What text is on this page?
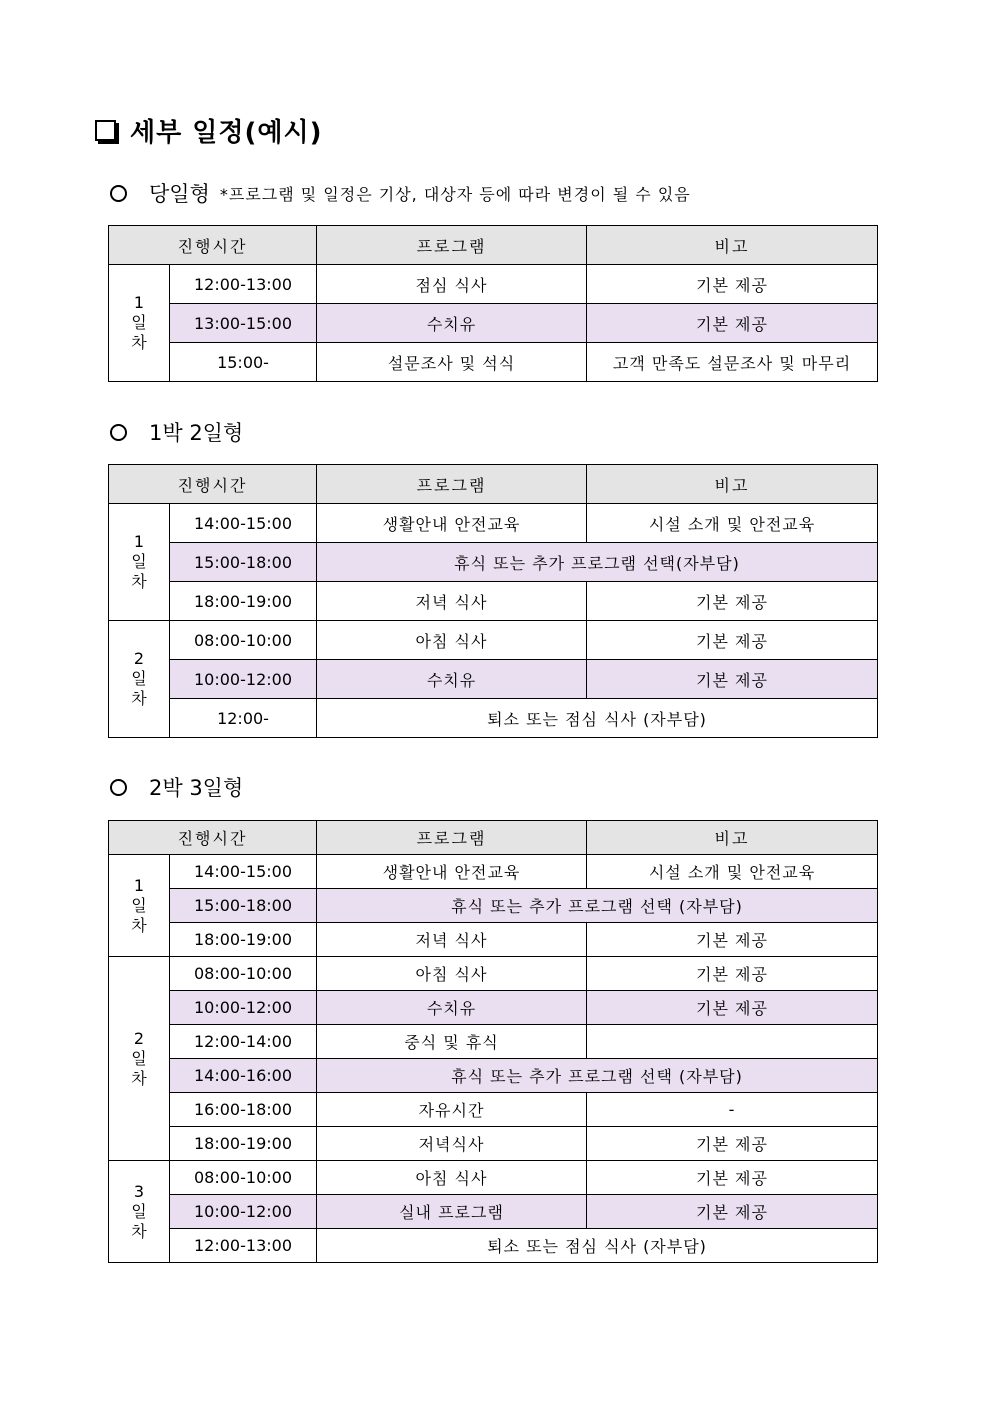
세부 일정(예시)
당일형 *프로그램 및 일정은 기상, 대상자 등에 따라 변경이 될 수 있음
진행시간		프로그램	비고

1
일
차	12:00-13:00	점심 식사	기본 제공
	13:00-15:00	수치유	기본 제공
	15:00-	설문조사 및 석식	고객 만족도 설문조사 및 마무리
1박 2일형
진행시간		프로그램	비고

1
일
차	14:00-15:00	생활안내 안전교육	시설 소개 및 안전교육
	15:00-18:00	휴식 또는 추가 프로그램 선택(자부담)	
	18:00-19:00	저녁 식사	기본 제공

2
일
차	08:00-10:00	아침 식사	기본 제공
	10:00-12:00	수치유	기본 제공
	12:00-	퇴소 또는 점심 식사 (자부담)	
2박 3일형
진행시간		프로그램	비고

1
일
차	14:00-15:00	생활안내 안전교육	시설 소개 및 안전교육
	15:00-18:00	휴식 또는 추가 프로그램 선택 (자부담)	
	18:00-19:00	저녁 식사	기본 제공

2
일
차	08:00-10:00	아침 식사	기본 제공
	10:00-12:00	수치유	기본 제공
	12:00-14:00	중식 및 휴식	
	14:00-16:00	휴식 또는 추가 프로그램 선택 (자부담)	
	16:00-18:00	자유시간	-
	18:00-19:00	저녁식사	기본 제공

3
일
차	08:00-10:00	아침 식사	기본 제공
	10:00-12:00	실내 프로그램	기본 제공
	12:00-13:00	퇴소 또는 점심 식사 (자부담)	
